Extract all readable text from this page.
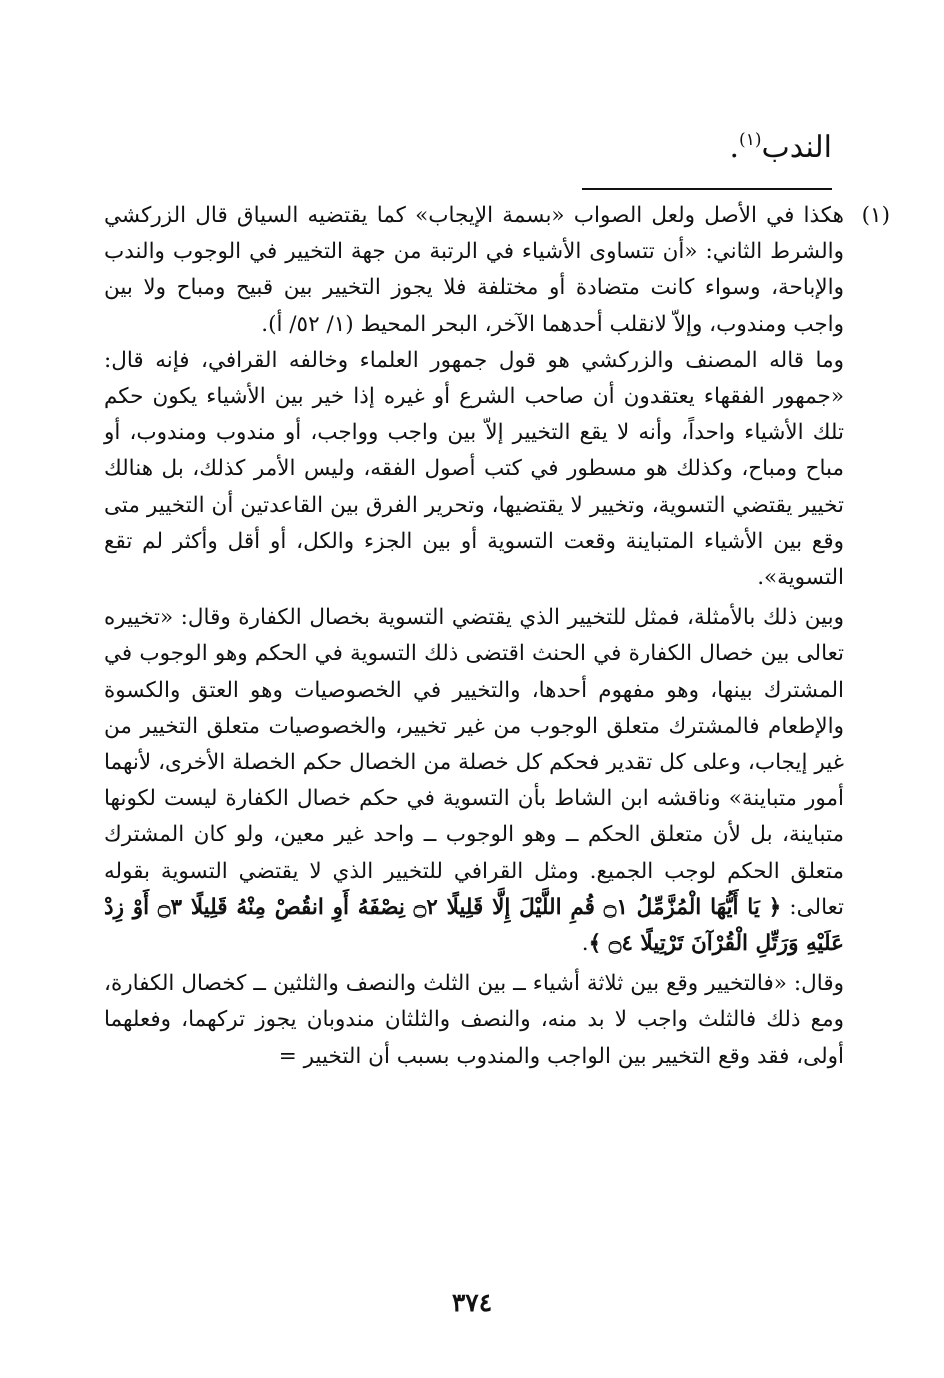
الندب$^{(١)}$.
(١)

هكذا في الأصل ولعل الصواب «بسمة الإيجاب» كما يقتضيه السياق قال الزركشي والشرط الثاني: «أن تتساوى الأشياء في الرتبة من جهة التخيير في الوجوب والندب والإباحة، وسواء كانت متضادة أو مختلفة فلا يجوز التخيير بين قبيح ومباح ولا بين واجب ومندوب، وإلاّ لانقلب أحدهما الآخر، البحر المحيط (١/ ٥٢/ أ).

وما قاله المصنف والزركشي هو قول جمهور العلماء وخالفه القرافي، فإنه قال: «جمهور الفقهاء يعتقدون أن صاحب الشرع أو غيره إذا خير بين الأشياء يكون حكم تلك الأشياء واحداً، وأنه لا يقع التخيير إلاّ بين واجب وواجب، أو مندوب ومندوب، أو مباح ومباح، وكذلك هو مسطور في كتب أصول الفقه، وليس الأمر كذلك، بل هنالك تخيير يقتضي التسوية، وتخيير لا يقتضيها، وتحرير الفرق بين القاعدتين أن التخيير متى وقع بين الأشياء المتباينة وقعت التسوية أو بين الجزء والكل، أو أقل وأكثر لم تقع التسوية».

وبين ذلك بالأمثلة، فمثل للتخيير الذي يقتضي التسوية بخصال الكفارة وقال: «تخييره تعالى بين خصال الكفارة في الحنث اقتضى ذلك التسوية في الحكم وهو الوجوب في المشترك بينها، وهو مفهوم أحدها، والتخيير في الخصوصيات وهو العتق والكسوة والإطعام فالمشترك متعلق الوجوب من غير تخيير، والخصوصيات متعلق التخيير من غير إيجاب، وعلى كل تقدير فحكم كل خصلة من الخصال حكم الخصلة الأخرى، لأنهما أمور متباينة» وناقشه ابن الشاط بأن التسوية في حكم خصال الكفارة ليست لكونها متباينة، بل لأن متعلق الحكم ــ وهو الوجوب ــ واحد غير معين، ولو كان المشترك متعلق الحكم لوجب الجميع. ومثل القرافي للتخيير الذي لا يقتضي التسوية بقوله تعالى: ﴿ يَا أَيُّهَا الْمُزَّمِّلُ ۝١ قُمِ اللَّيْلَ إِلَّا قَلِيلًا ۝٢ نِصْفَهُ أَوِ انقُصْ مِنْهُ قَلِيلًا ۝٣ أَوْ زِدْ عَلَيْهِ وَرَتِّلِ الْقُرْآنَ تَرْتِيلًا ۝٤ ﴾.

وقال: «فالتخيير وقع بين ثلاثة أشياء ــ بين الثلث والنصف والثلثين ــ كخصال الكفارة، ومع ذلك فالثلث واجب لا بد منه، والنصف والثلثان مندوبان يجوز تركهما، وفعلهما أولى، فقد وقع التخيير بين الواجب والمندوب بسبب أن التخيير =

٣٧٤
